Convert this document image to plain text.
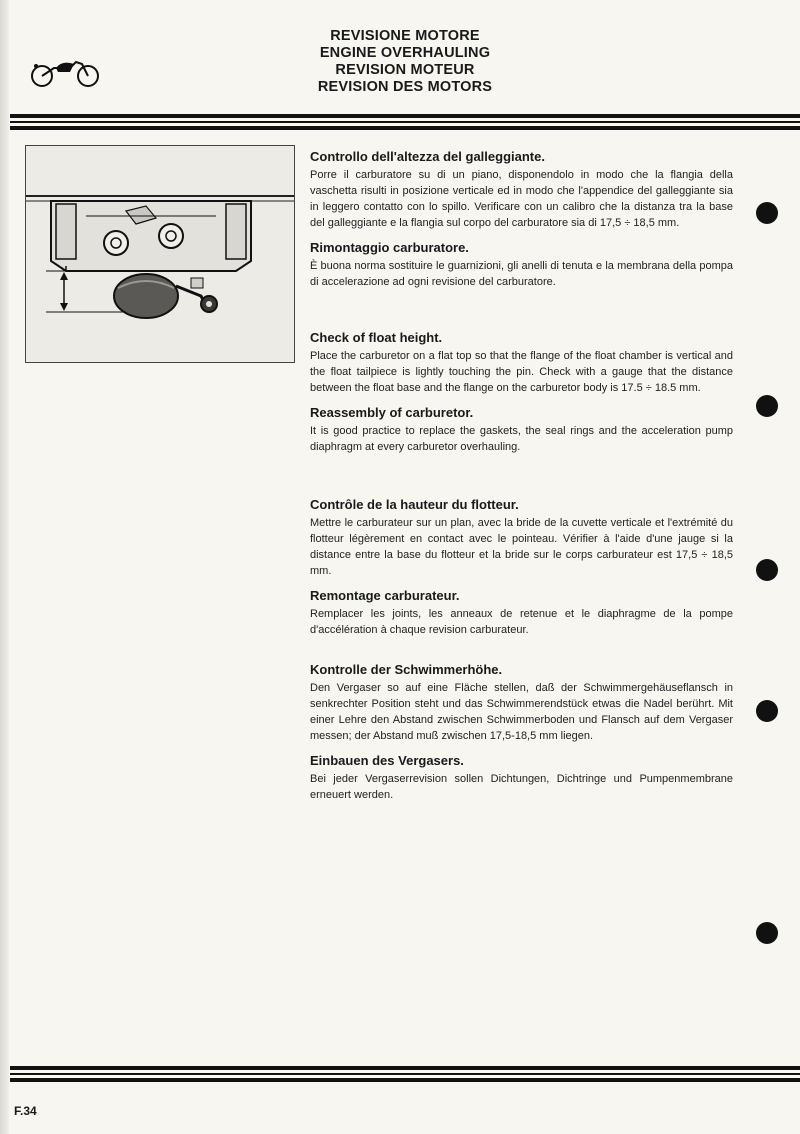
REVISIONE MOTORE
ENGINE OVERHAULING
REVISION MOTEUR
REVISION DES MOTORS
Controllo dell'altezza del galleggiante.

Porre il carburatore su di un piano, disponendolo in modo che la flangia della vaschetta risulti in posizione verticale ed in modo che l'appendice del galleggiante sia in leggero contatto con lo spillo. Verificare con un calibro che la distanza tra la base del galleggiante e la flangia sul corpo del carburatore sia di 17,5 ÷ 18,5 mm.

Rimontaggio carburatore.

È buona norma sostituire le guarnizioni, gli anelli di tenuta e la membrana della pompa di accelerazione ad ogni revisione del carburatore.

Check of float height.

Place the carburetor on a flat top so that the flange of the float chamber is vertical and the float tailpiece is lightly touching the pin. Check with a gauge that the distance between the float base and the flange on the carburetor body is 17.5 ÷ 18.5 mm.

Reassembly of carburetor.

It is good practice to replace the gaskets, the seal rings and the acceleration pump diaphragm at every carburetor overhauling.

Contrôle de la hauteur du flotteur.

Mettre le carburateur sur un plan, avec la bride de la cuvette verticale et l'extrémité du flotteur légèrement en contact avec le pointeau. Vérifier à l'aide d'une jauge si la distance entre la base du flotteur et la bride sur le corps carburateur est 17,5 ÷ 18,5 mm.

Remontage carburateur.

Remplacer les joints, les anneaux de retenue et le diaphragme de la pompe d'accélération à chaque revision carburateur.

Kontrolle der Schwimmerhöhe.

Den Vergaser so auf eine Fläche stellen, daß der Schwimmergehäuseflansch in senkrechter Position steht und das Schwimmerendstück etwas die Nadel berührt. Mit einer Lehre den Abstand zwischen Schwimmerboden und Flansch auf dem Vergaser messen; der Abstand muß zwischen 17,5-18,5 mm liegen.

Einbauen des Vergasers.

Bei jeder Vergaserrevision sollen Dichtungen, Dichtringe und Pumpenmembrane erneuert werden.

F.34
